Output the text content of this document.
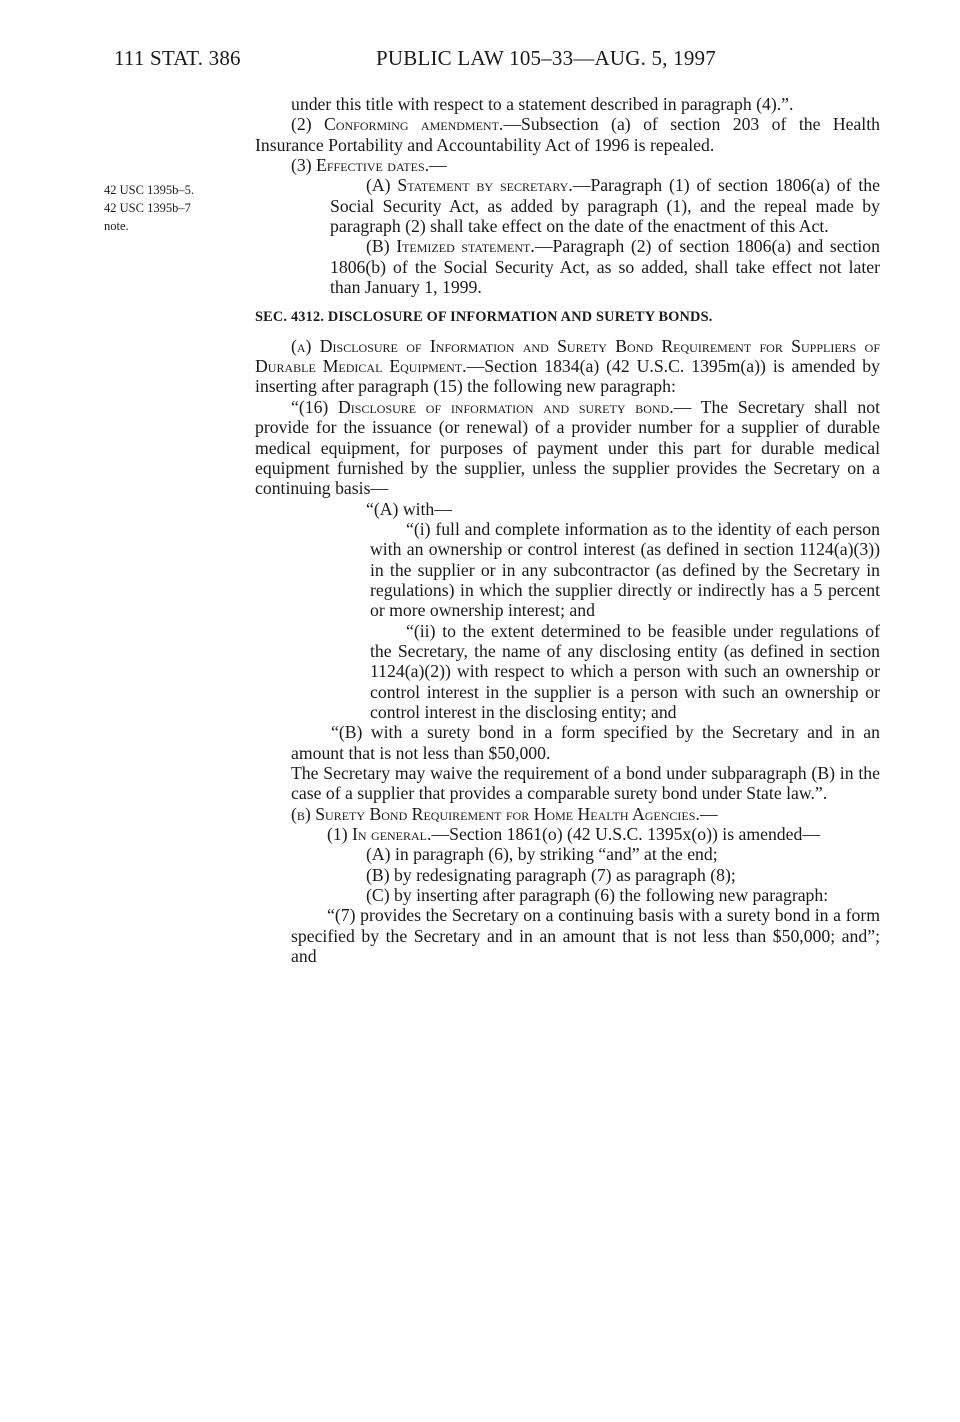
111 STAT. 386	PUBLIC LAW 105–33—AUG. 5, 1997
42 USC 1395b–5.
42 USC 1395b–7
note.

under this title with respect to a statement described in paragraph (4).”.

(2) Conforming amendment.—Subsection (a) of section 203 of the Health Insurance Portability and Accountability Act of 1996 is repealed.

(3) Effective dates.—

(A) Statement by secretary.—Paragraph (1) of section 1806(a) of the Social Security Act, as added by paragraph (1), and the repeal made by paragraph (2) shall take effect on the date of the enactment of this Act.

(B) Itemized statement.—Paragraph (2) of section 1806(a) and section 1806(b) of the Social Security Act, as so added, shall take effect not later than January 1, 1999.

SEC. 4312. DISCLOSURE OF INFORMATION AND SURETY BONDS.

(a) Disclosure of Information and Surety Bond Requirement for Suppliers of Durable Medical Equipment.—Section 1834(a) (42 U.S.C. 1395m(a)) is amended by inserting after paragraph (15) the following new paragraph:

“(16) Disclosure of information and surety bond.— The Secretary shall not provide for the issuance (or renewal) of a provider number for a supplier of durable medical equipment, for purposes of payment under this part for durable medical equipment furnished by the supplier, unless the supplier provides the Secretary on a continuing basis—

“(A) with—

“(i) full and complete information as to the identity of each person with an ownership or control interest (as defined in section 1124(a)(3)) in the supplier or in any subcontractor (as defined by the Secretary in regulations) in which the supplier directly or indirectly has a 5 percent or more ownership interest; and

“(ii) to the extent determined to be feasible under regulations of the Secretary, the name of any disclosing entity (as defined in section 1124(a)(2)) with respect to which a person with such an ownership or control interest in the supplier is a person with such an ownership or control interest in the disclosing entity; and

“(B) with a surety bond in a form specified by the Secretary and in an amount that is not less than $50,000.

The Secretary may waive the requirement of a bond under subparagraph (B) in the case of a supplier that provides a comparable surety bond under State law.”.

(b) Surety Bond Requirement for Home Health Agencies.—

(1) In general.—Section 1861(o) (42 U.S.C. 1395x(o)) is amended—

(A) in paragraph (6), by striking “and” at the end;

(B) by redesignating paragraph (7) as paragraph (8);

(C) by inserting after paragraph (6) the following new paragraph:

“(7) provides the Secretary on a continuing basis with a surety bond in a form specified by the Secretary and in an amount that is not less than $50,000; and”; and
